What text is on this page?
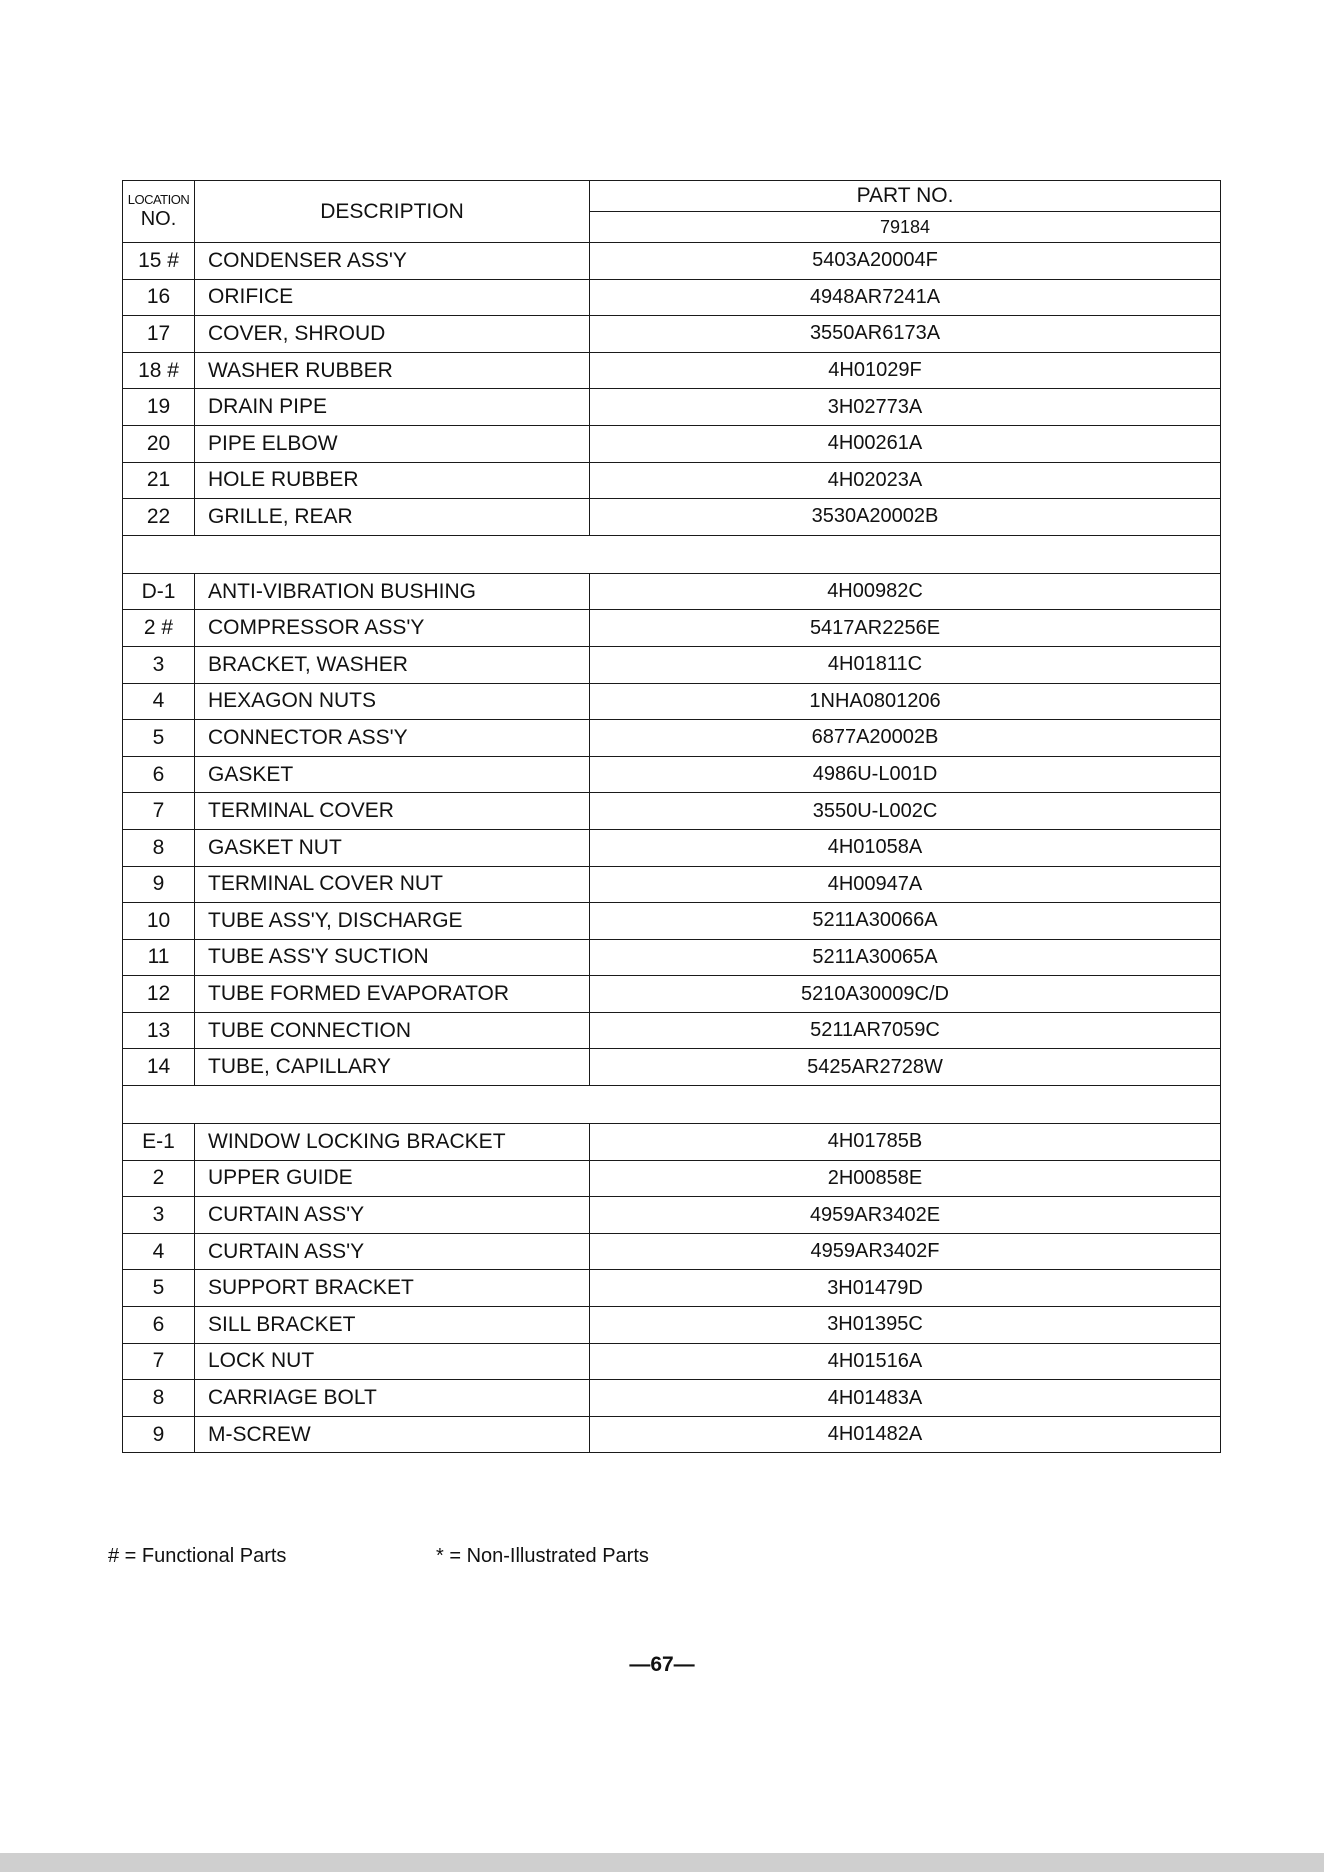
LOCATION
NO.	DESCRIPTION	PART NO.
		79184
15 #	CONDENSER ASS'Y	5403A20004F
16	ORIFICE	4948AR7241A
17	COVER, SHROUD	3550AR6173A
18 #	WASHER RUBBER	4H01029F
19	DRAIN PIPE	3H02773A
20	PIPE ELBOW	4H00261A
21	HOLE RUBBER	4H02023A
22	GRILLE, REAR	3530A20002B

D-1	ANTI-VIBRATION BUSHING	4H00982C
2 #	COMPRESSOR ASS'Y	5417AR2256E
3	BRACKET, WASHER	4H01811C
4	HEXAGON NUTS	1NHA0801206
5	CONNECTOR ASS'Y	6877A20002B
6	GASKET	4986U-L001D
7	TERMINAL COVER	3550U-L002C
8	GASKET NUT	4H01058A
9	TERMINAL COVER NUT	4H00947A
10	TUBE ASS'Y, DISCHARGE	5211A30066A
11	TUBE ASS'Y SUCTION	5211A30065A
12	TUBE FORMED EVAPORATOR	5210A30009C/D
13	TUBE CONNECTION	5211AR7059C
14	TUBE, CAPILLARY	5425AR2728W

E-1	WINDOW LOCKING BRACKET	4H01785B
2	UPPER GUIDE	2H00858E
3	CURTAIN ASS'Y	4959AR3402E
4	CURTAIN ASS'Y	4959AR3402F
5	SUPPORT BRACKET	3H01479D
6	SILL BRACKET	3H01395C
7	LOCK NUT	4H01516A
8	CARRIAGE BOLT	4H01483A
9	M-SCREW	4H01482A
# = Functional Parts	* = Non-Illustrated Parts
—67—
